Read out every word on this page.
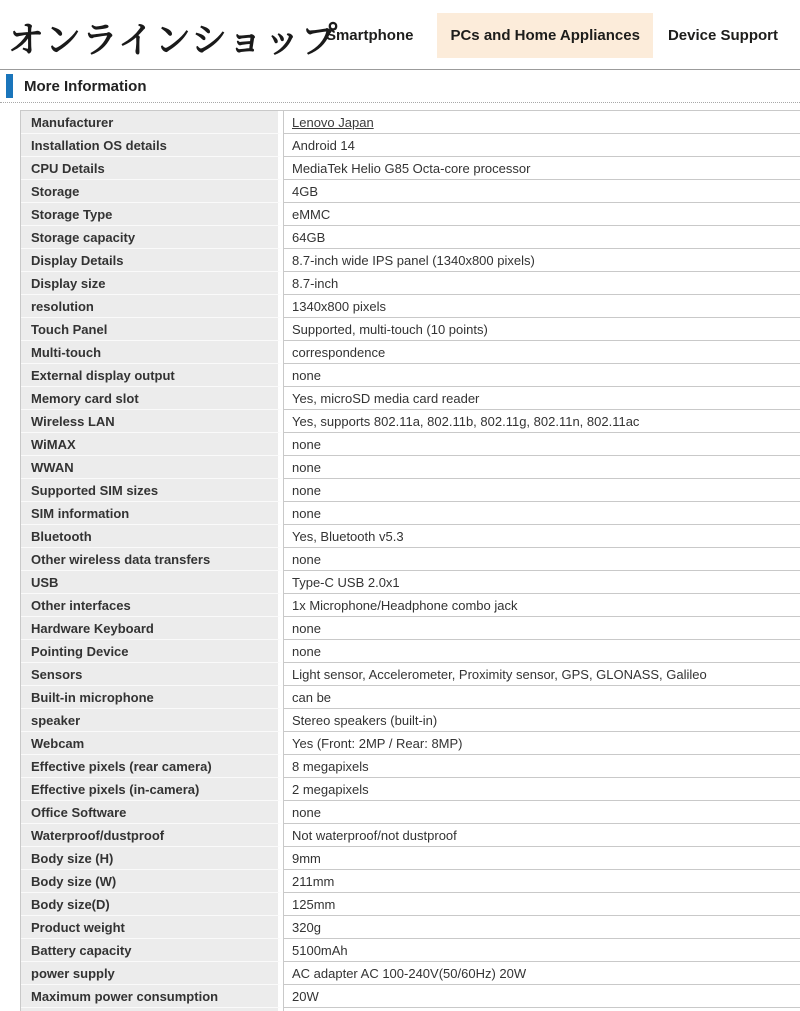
オンラインショップ
Smartphone	PCs and Home Appliances	Device Support
More Information
Manufacturer	Lenovo Japan
Installation OS details	Android 14
CPU Details	MediaTek Helio G85 Octa-core processor
Storage	4GB
Storage Type	eMMC
Storage capacity	64GB
Display Details	8.7-inch wide IPS panel (1340x800 pixels)
Display size	8.7-inch
resolution	1340x800 pixels
Touch Panel	Supported, multi-touch (10 points)
Multi-touch	correspondence
External display output	none
Memory card slot	Yes, microSD media card reader
Wireless LAN	Yes, supports 802.11a, 802.11b, 802.11g, 802.11n, 802.11ac
WiMAX	none
WWAN	none
Supported SIM sizes	none
SIM information	none
Bluetooth	Yes, Bluetooth v5.3
Other wireless data transfers	none
USB	Type-C USB 2.0x1
Other interfaces	1x Microphone/Headphone combo jack
Hardware Keyboard	none
Pointing Device	none
Sensors	Light sensor, Accelerometer, Proximity sensor, GPS, GLONASS, Galileo
Built-in microphone	can be
speaker	Stereo speakers (built-in)
Webcam	Yes (Front: 2MP / Rear: 8MP)
Effective pixels (rear camera)	8 megapixels
Effective pixels (in-camera)	2 megapixels
Office Software	none
Waterproof/dustproof	Not waterproof/not dustproof
Body size (H)	9mm
Body size (W)	211mm
Body size(D)	125mm
Product weight	320g
Battery capacity	5100mAh
power supply	AC adapter AC 100-240V(50/60Hz) 20W
Maximum power consumption	20W
